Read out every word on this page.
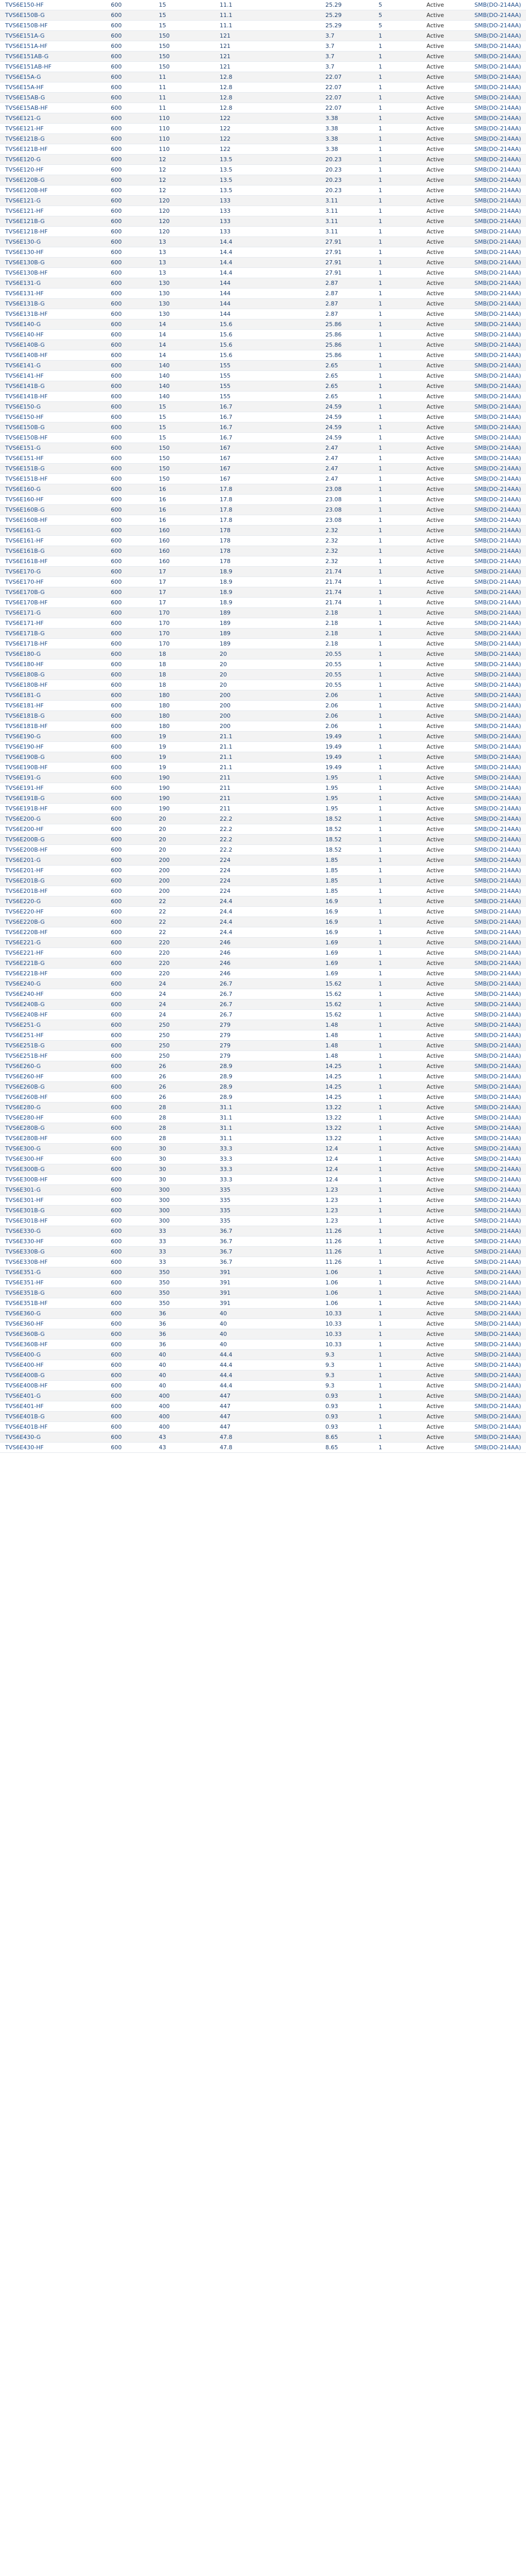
TVS6E150-HF	600	15	11.1	25.29	5	Active	SMB(DO-214AA)
TVS6E150B-G	600	15	11.1	25.29	5	Active	SMB(DO-214AA)
TVS6E150B-HF	600	15	11.1	25.29	5	Active	SMB(DO-214AA)
TVS6E151A-G	600	150	121	3.7	1	Active	SMB(DO-214AA)
TVS6E151A-HF	600	150	121	3.7	1	Active	SMB(DO-214AA)
TVS6E151AB-G	600	150	121	3.7	1	Active	SMB(DO-214AA)
TVS6E151AB-HF	600	150	121	3.7	1	Active	SMB(DO-214AA)
TVS6E15A-G	600	11	12.8	22.07	1	Active	SMB(DO-214AA)
TVS6E15A-HF	600	11	12.8	22.07	1	Active	SMB(DO-214AA)
TVS6E15AB-G	600	11	12.8	22.07	1	Active	SMB(DO-214AA)
TVS6E15AB-HF	600	11	12.8	22.07	1	Active	SMB(DO-214AA)
TVS6E121-G	600	110	122	3.38	1	Active	SMB(DO-214AA)
TVS6E121-HF	600	110	122	3.38	1	Active	SMB(DO-214AA)
TVS6E121B-G	600	110	122	3.38	1	Active	SMB(DO-214AA)
TVS6E121B-HF	600	110	122	3.38	1	Active	SMB(DO-214AA)
TVS6E120-G	600	12	13.5	20.23	1	Active	SMB(DO-214AA)
TVS6E120-HF	600	12	13.5	20.23	1	Active	SMB(DO-214AA)
TVS6E120B-G	600	12	13.5	20.23	1	Active	SMB(DO-214AA)
TVS6E120B-HF	600	12	13.5	20.23	1	Active	SMB(DO-214AA)
TVS6E121-G	600	120	133	3.11	1	Active	SMB(DO-214AA)
TVS6E121-HF	600	120	133	3.11	1	Active	SMB(DO-214AA)
TVS6E121B-G	600	120	133	3.11	1	Active	SMB(DO-214AA)
TVS6E121B-HF	600	120	133	3.11	1	Active	SMB(DO-214AA)
TVS6E130-G	600	13	14.4	27.91	1	Active	SMB(DO-214AA)
TVS6E130-HF	600	13	14.4	27.91	1	Active	SMB(DO-214AA)
TVS6E130B-G	600	13	14.4	27.91	1	Active	SMB(DO-214AA)
TVS6E130B-HF	600	13	14.4	27.91	1	Active	SMB(DO-214AA)
TVS6E131-G	600	130	144	2.87	1	Active	SMB(DO-214AA)
TVS6E131-HF	600	130	144	2.87	1	Active	SMB(DO-214AA)
TVS6E131B-G	600	130	144	2.87	1	Active	SMB(DO-214AA)
TVS6E131B-HF	600	130	144	2.87	1	Active	SMB(DO-214AA)
TVS6E140-G	600	14	15.6	25.86	1	Active	SMB(DO-214AA)
TVS6E140-HF	600	14	15.6	25.86	1	Active	SMB(DO-214AA)
TVS6E140B-G	600	14	15.6	25.86	1	Active	SMB(DO-214AA)
TVS6E140B-HF	600	14	15.6	25.86	1	Active	SMB(DO-214AA)
TVS6E141-G	600	140	155	2.65	1	Active	SMB(DO-214AA)
TVS6E141-HF	600	140	155	2.65	1	Active	SMB(DO-214AA)
TVS6E141B-G	600	140	155	2.65	1	Active	SMB(DO-214AA)
TVS6E141B-HF	600	140	155	2.65	1	Active	SMB(DO-214AA)
TVS6E150-G	600	15	16.7	24.59	1	Active	SMB(DO-214AA)
TVS6E150-HF	600	15	16.7	24.59	1	Active	SMB(DO-214AA)
TVS6E150B-G	600	15	16.7	24.59	1	Active	SMB(DO-214AA)
TVS6E150B-HF	600	15	16.7	24.59	1	Active	SMB(DO-214AA)
TVS6E151-G	600	150	167	2.47	1	Active	SMB(DO-214AA)
TVS6E151-HF	600	150	167	2.47	1	Active	SMB(DO-214AA)
TVS6E151B-G	600	150	167	2.47	1	Active	SMB(DO-214AA)
TVS6E151B-HF	600	150	167	2.47	1	Active	SMB(DO-214AA)
TVS6E160-G	600	16	17.8	23.08	1	Active	SMB(DO-214AA)
TVS6E160-HF	600	16	17.8	23.08	1	Active	SMB(DO-214AA)
TVS6E160B-G	600	16	17.8	23.08	1	Active	SMB(DO-214AA)
TVS6E160B-HF	600	16	17.8	23.08	1	Active	SMB(DO-214AA)
TVS6E161-G	600	160	178	2.32	1	Active	SMB(DO-214AA)
TVS6E161-HF	600	160	178	2.32	1	Active	SMB(DO-214AA)
TVS6E161B-G	600	160	178	2.32	1	Active	SMB(DO-214AA)
TVS6E161B-HF	600	160	178	2.32	1	Active	SMB(DO-214AA)
TVS6E170-G	600	17	18.9	21.74	1	Active	SMB(DO-214AA)
TVS6E170-HF	600	17	18.9	21.74	1	Active	SMB(DO-214AA)
TVS6E170B-G	600	17	18.9	21.74	1	Active	SMB(DO-214AA)
TVS6E170B-HF	600	17	18.9	21.74	1	Active	SMB(DO-214AA)
TVS6E171-G	600	170	189	2.18	1	Active	SMB(DO-214AA)
TVS6E171-HF	600	170	189	2.18	1	Active	SMB(DO-214AA)
TVS6E171B-G	600	170	189	2.18	1	Active	SMB(DO-214AA)
TVS6E171B-HF	600	170	189	2.18	1	Active	SMB(DO-214AA)
TVS6E180-G	600	18	20	20.55	1	Active	SMB(DO-214AA)
TVS6E180-HF	600	18	20	20.55	1	Active	SMB(DO-214AA)
TVS6E180B-G	600	18	20	20.55	1	Active	SMB(DO-214AA)
TVS6E180B-HF	600	18	20	20.55	1	Active	SMB(DO-214AA)
TVS6E181-G	600	180	200	2.06	1	Active	SMB(DO-214AA)
TVS6E181-HF	600	180	200	2.06	1	Active	SMB(DO-214AA)
TVS6E181B-G	600	180	200	2.06	1	Active	SMB(DO-214AA)
TVS6E181B-HF	600	180	200	2.06	1	Active	SMB(DO-214AA)
TVS6E190-G	600	19	21.1	19.49	1	Active	SMB(DO-214AA)
TVS6E190-HF	600	19	21.1	19.49	1	Active	SMB(DO-214AA)
TVS6E190B-G	600	19	21.1	19.49	1	Active	SMB(DO-214AA)
TVS6E190B-HF	600	19	21.1	19.49	1	Active	SMB(DO-214AA)
TVS6E191-G	600	190	211	1.95	1	Active	SMB(DO-214AA)
TVS6E191-HF	600	190	211	1.95	1	Active	SMB(DO-214AA)
TVS6E191B-G	600	190	211	1.95	1	Active	SMB(DO-214AA)
TVS6E191B-HF	600	190	211	1.95	1	Active	SMB(DO-214AA)
TVS6E200-G	600	20	22.2	18.52	1	Active	SMB(DO-214AA)
TVS6E200-HF	600	20	22.2	18.52	1	Active	SMB(DO-214AA)
TVS6E200B-G	600	20	22.2	18.52	1	Active	SMB(DO-214AA)
TVS6E200B-HF	600	20	22.2	18.52	1	Active	SMB(DO-214AA)
TVS6E201-G	600	200	224	1.85	1	Active	SMB(DO-214AA)
TVS6E201-HF	600	200	224	1.85	1	Active	SMB(DO-214AA)
TVS6E201B-G	600	200	224	1.85	1	Active	SMB(DO-214AA)
TVS6E201B-HF	600	200	224	1.85	1	Active	SMB(DO-214AA)
TVS6E220-G	600	22	24.4	16.9	1	Active	SMB(DO-214AA)
TVS6E220-HF	600	22	24.4	16.9	1	Active	SMB(DO-214AA)
TVS6E220B-G	600	22	24.4	16.9	1	Active	SMB(DO-214AA)
TVS6E220B-HF	600	22	24.4	16.9	1	Active	SMB(DO-214AA)
TVS6E221-G	600	220	246	1.69	1	Active	SMB(DO-214AA)
TVS6E221-HF	600	220	246	1.69	1	Active	SMB(DO-214AA)
TVS6E221B-G	600	220	246	1.69	1	Active	SMB(DO-214AA)
TVS6E221B-HF	600	220	246	1.69	1	Active	SMB(DO-214AA)
TVS6E240-G	600	24	26.7	15.62	1	Active	SMB(DO-214AA)
TVS6E240-HF	600	24	26.7	15.62	1	Active	SMB(DO-214AA)
TVS6E240B-G	600	24	26.7	15.62	1	Active	SMB(DO-214AA)
TVS6E240B-HF	600	24	26.7	15.62	1	Active	SMB(DO-214AA)
TVS6E251-G	600	250	279	1.48	1	Active	SMB(DO-214AA)
TVS6E251-HF	600	250	279	1.48	1	Active	SMB(DO-214AA)
TVS6E251B-G	600	250	279	1.48	1	Active	SMB(DO-214AA)
TVS6E251B-HF	600	250	279	1.48	1	Active	SMB(DO-214AA)
TVS6E260-G	600	26	28.9	14.25	1	Active	SMB(DO-214AA)
TVS6E260-HF	600	26	28.9	14.25	1	Active	SMB(DO-214AA)
TVS6E260B-G	600	26	28.9	14.25	1	Active	SMB(DO-214AA)
TVS6E260B-HF	600	26	28.9	14.25	1	Active	SMB(DO-214AA)
TVS6E280-G	600	28	31.1	13.22	1	Active	SMB(DO-214AA)
TVS6E280-HF	600	28	31.1	13.22	1	Active	SMB(DO-214AA)
TVS6E280B-G	600	28	31.1	13.22	1	Active	SMB(DO-214AA)
TVS6E280B-HF	600	28	31.1	13.22	1	Active	SMB(DO-214AA)
TVS6E300-G	600	30	33.3	12.4	1	Active	SMB(DO-214AA)
TVS6E300-HF	600	30	33.3	12.4	1	Active	SMB(DO-214AA)
TVS6E300B-G	600	30	33.3	12.4	1	Active	SMB(DO-214AA)
TVS6E300B-HF	600	30	33.3	12.4	1	Active	SMB(DO-214AA)
TVS6E301-G	600	300	335	1.23	1	Active	SMB(DO-214AA)
TVS6E301-HF	600	300	335	1.23	1	Active	SMB(DO-214AA)
TVS6E301B-G	600	300	335	1.23	1	Active	SMB(DO-214AA)
TVS6E301B-HF	600	300	335	1.23	1	Active	SMB(DO-214AA)
TVS6E330-G	600	33	36.7	11.26	1	Active	SMB(DO-214AA)
TVS6E330-HF	600	33	36.7	11.26	1	Active	SMB(DO-214AA)
TVS6E330B-G	600	33	36.7	11.26	1	Active	SMB(DO-214AA)
TVS6E330B-HF	600	33	36.7	11.26	1	Active	SMB(DO-214AA)
TVS6E351-G	600	350	391	1.06	1	Active	SMB(DO-214AA)
TVS6E351-HF	600	350	391	1.06	1	Active	SMB(DO-214AA)
TVS6E351B-G	600	350	391	1.06	1	Active	SMB(DO-214AA)
TVS6E351B-HF	600	350	391	1.06	1	Active	SMB(DO-214AA)
TVS6E360-G	600	36	40	10.33	1	Active	SMB(DO-214AA)
TVS6E360-HF	600	36	40	10.33	1	Active	SMB(DO-214AA)
TVS6E360B-G	600	36	40	10.33	1	Active	SMB(DO-214AA)
TVS6E360B-HF	600	36	40	10.33	1	Active	SMB(DO-214AA)
TVS6E400-G	600	40	44.4	9.3	1	Active	SMB(DO-214AA)
TVS6E400-HF	600	40	44.4	9.3	1	Active	SMB(DO-214AA)
TVS6E400B-G	600	40	44.4	9.3	1	Active	SMB(DO-214AA)
TVS6E400B-HF	600	40	44.4	9.3	1	Active	SMB(DO-214AA)
TVS6E401-G	600	400	447	0.93	1	Active	SMB(DO-214AA)
TVS6E401-HF	600	400	447	0.93	1	Active	SMB(DO-214AA)
TVS6E401B-G	600	400	447	0.93	1	Active	SMB(DO-214AA)
TVS6E401B-HF	600	400	447	0.93	1	Active	SMB(DO-214AA)
TVS6E430-G	600	43	47.8	8.65	1	Active	SMB(DO-214AA)
TVS6E430-HF	600	43	47.8	8.65	1	Active	SMB(DO-214AA)
